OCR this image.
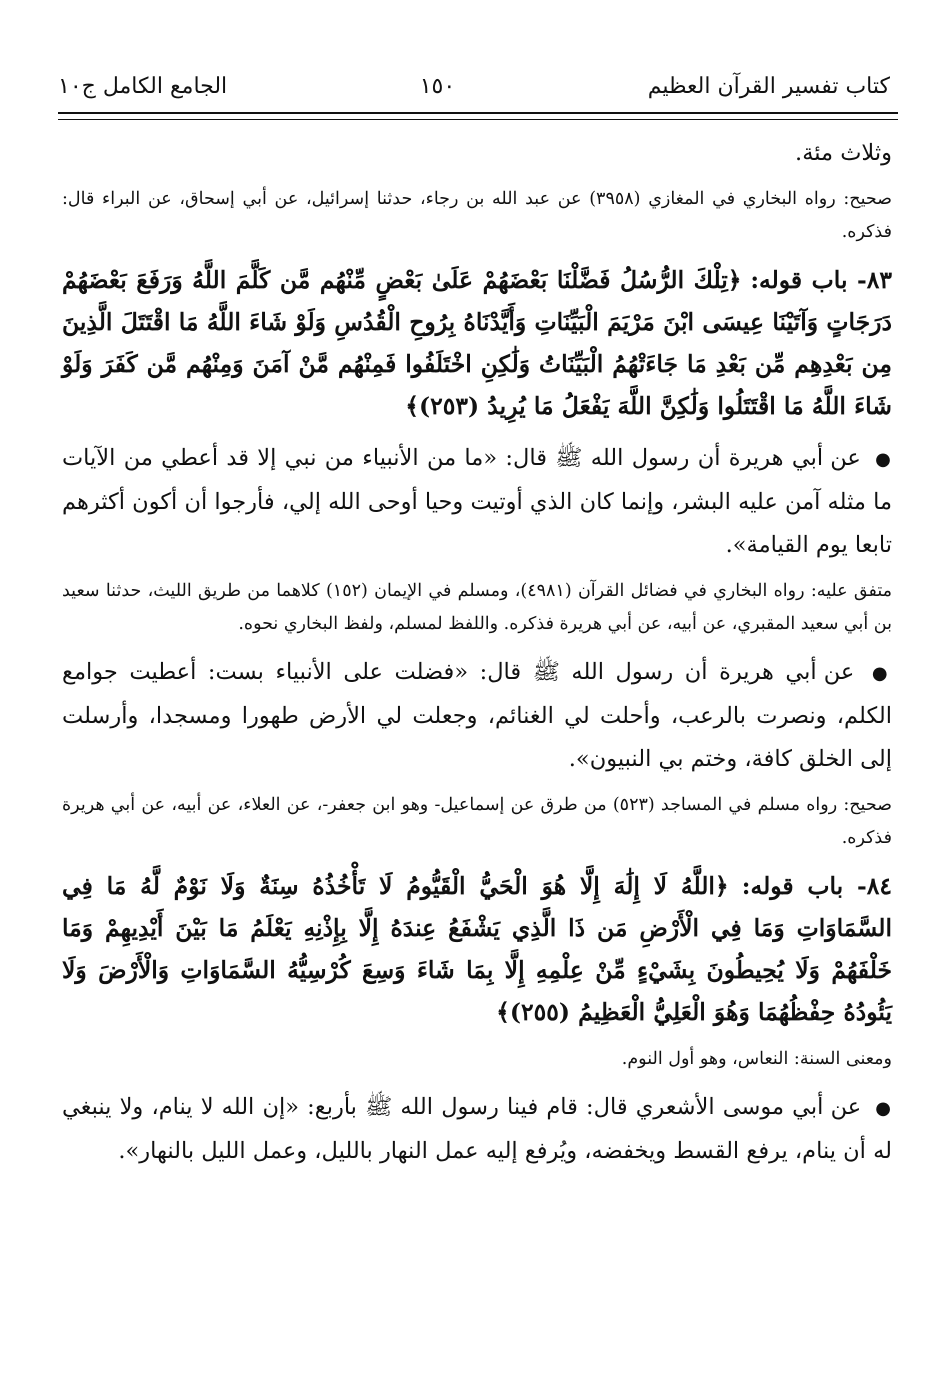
كتاب تفسير القرآن العظيم
١٥٠
الجامع الكامل ج١٠

وثلاث مئة.

صحيح: رواه البخاري في المغازي (٣٩٥٨) عن عبد الله بن رجاء، حدثنا إسرائيل، عن أبي إسحاق، عن البراء قال: فذكره.

٨٣- باب قوله: ﴿تِلْكَ الرُّسُلُ فَضَّلْنَا بَعْضَهُمْ عَلَىٰ بَعْضٍ مِّنْهُم مَّن كَلَّمَ اللَّهُ وَرَفَعَ بَعْضَهُمْ دَرَجَاتٍ وَآتَيْنَا عِيسَى ابْنَ مَرْيَمَ الْبَيِّنَاتِ وَأَيَّدْنَاهُ بِرُوحِ الْقُدُسِ وَلَوْ شَاءَ اللَّهُ مَا اقْتَتَلَ الَّذِينَ مِن بَعْدِهِم مِّن بَعْدِ مَا جَاءَتْهُمُ الْبَيِّنَاتُ وَلَٰكِنِ اخْتَلَفُوا فَمِنْهُم مَّنْ آمَنَ وَمِنْهُم مَّن كَفَرَ وَلَوْ شَاءَ اللَّهُ مَا اقْتَتَلُوا وَلَٰكِنَّ اللَّهَ يَفْعَلُ مَا يُرِيدُ (٢٥٣)﴾

● عن أبي هريرة أن رسول الله ﷺ قال: «ما من الأنبياء من نبي إلا قد أعطي من الآيات ما مثله آمن عليه البشر، وإنما كان الذي أوتيت وحيا أوحى الله إلي، فأرجوا أن أكون أكثرهم تابعا يوم القيامة».

متفق عليه: رواه البخاري في فضائل القرآن (٤٩٨١)، ومسلم في الإيمان (١٥٢) كلاهما من طريق الليث، حدثنا سعيد بن أبي سعيد المقبري، عن أبيه، عن أبي هريرة فذكره. واللفظ لمسلم، ولفظ البخاري نحوه.

● عن أبي هريرة أن رسول الله ﷺ قال: «فضلت على الأنبياء بست: أعطيت جوامع الكلم، ونصرت بالرعب، وأحلت لي الغنائم، وجعلت لي الأرض طهورا ومسجدا، وأرسلت إلى الخلق كافة، وختم بي النبيون».

صحيح: رواه مسلم في المساجد (٥٢٣) من طرق عن إسماعيل- وهو ابن جعفر-، عن العلاء، عن أبيه، عن أبي هريرة فذكره.

٨٤- باب قوله: ﴿اللَّهُ لَا إِلَٰهَ إِلَّا هُوَ الْحَيُّ الْقَيُّومُ لَا تَأْخُذُهُ سِنَةٌ وَلَا نَوْمٌ لَّهُ مَا فِي السَّمَاوَاتِ وَمَا فِي الْأَرْضِ مَن ذَا الَّذِي يَشْفَعُ عِندَهُ إِلَّا بِإِذْنِهِ يَعْلَمُ مَا بَيْنَ أَيْدِيهِمْ وَمَا خَلْفَهُمْ وَلَا يُحِيطُونَ بِشَيْءٍ مِّنْ عِلْمِهِ إِلَّا بِمَا شَاءَ وَسِعَ كُرْسِيُّهُ السَّمَاوَاتِ وَالْأَرْضَ وَلَا يَئُودُهُ حِفْظُهُمَا وَهُوَ الْعَلِيُّ الْعَظِيمُ (٢٥٥)﴾

ومعنى السنة: النعاس، وهو أول النوم.

● عن أبي موسى الأشعري قال: قام فينا رسول الله ﷺ بأربع: «إن الله لا ينام، ولا ينبغي له أن ينام، يرفع القسط ويخفضه، ويُرفع إليه عمل النهار بالليل، وعمل الليل بالنهار».
